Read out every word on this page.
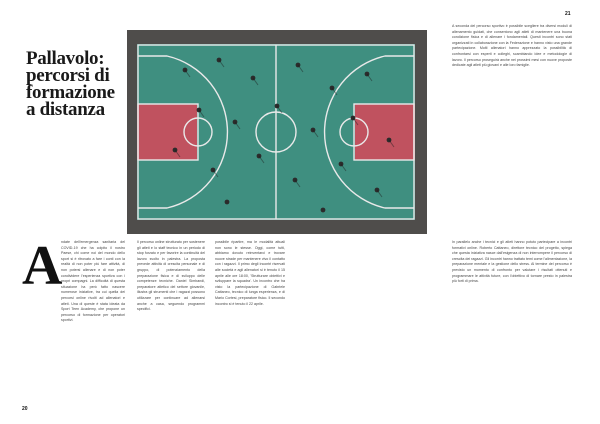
20
21
Pallavolo:
percorsi di
formazione
a distanza
A

ndate dell'emergenza sanitaria del COVID-19 che ha colpito il nostro Paese, chi come noi del mondo dello sport si è ritrovato a fare i conti con la realtà di non poter più fare attività, di non potersi allenare e di non poter condividere l'esperienza sportiva con i propri compagni. La difficoltà di questa situazione ha però fatto nascere numerose iniziative, tra cui quella dei percorsi online rivolti ad allenatori e atleti. Una di queste è stata ideata da Sport Teen Academy, che propone un percorso di formazione per operatori sportivi.

Il percorso online strutturato per sostenere gli atleti e lo staff tecnico in un periodo di stop forzato e per favorire la continuità del lavoro svolto in palestra. La proposta prevede attività di crescita personale e di gruppo, di potenziamento della preparazione fisica e di sviluppo delle competenze tecniche. Daniel Simbandi, preparatore atletico del settore giovanile, illustra gli strumenti che i ragazzi possono utilizzare per continuare ad allenarsi anche a casa, seguendo programmi specifici.

possibile ripartire, ma le modalità attuali non sono le stesse. Oggi, come tutti, abbiamo dovuto reinventarci e trovare nuove strade per mantenere vivo il contatto con i ragazzi. Il primo degli incontri riservati alle società e agli allenatori si è tenuto il 15 aprile alle ore 18:00, 'Strutturare obiettivi e sviluppare la squadra'. Un incontro che ha visto la partecipazione di Gabriele Cattaneo, tecnico di lunga esperienza, e di Mario Cortesi, preparatore fisico. Il secondo incontro si è tenuto il 22 aprile.

A seconda del percorso sportivo è possibile scegliere tra diversi moduli di allenamento guidati, che consentono agli atleti di mantenere una buona condizione fisica e di allenare i fondamentali. Questi incontri sono stati organizzati in collaborazione con la Federazione e hanno visto una grande partecipazione. Molti allenatori hanno apprezzato la possibilità di confrontarsi con esperti e colleghi, scambiando idee e metodologie di lavoro. Il percorso proseguirà anche nei prossimi mesi con nuove proposte dedicate agli atleti più giovani e alle loro famiglie.

In parallelo anche i tecnici e gli atleti hanno potuto partecipare a incontri formativi online. Roberto Cattaneo, direttore tecnico del progetto, spiega che questa iniziativa nasce dall'esigenza di non interrompere il percorso di crescita dei ragazzi. Gli incontri hanno trattato temi come l'alimentazione, la preparazione mentale e la gestione dello stress. Al termine del percorso è previsto un momento di confronto per valutare i risultati ottenuti e programmare le attività future, con l'obiettivo di tornare presto in palestra più forti di prima.
